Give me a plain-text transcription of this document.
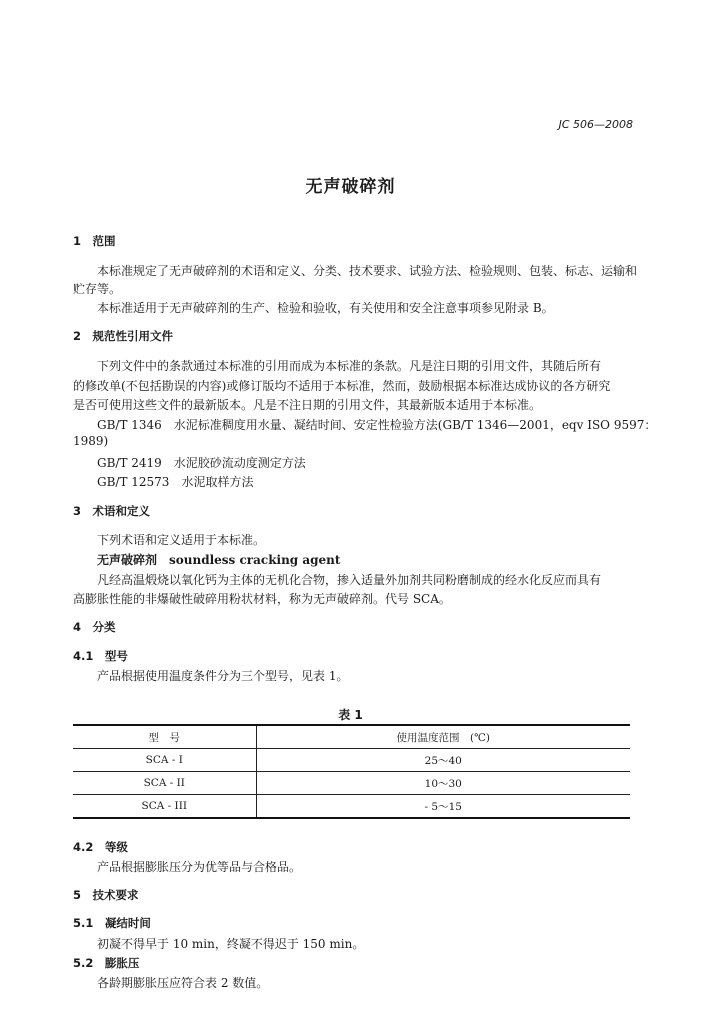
JC 506—2008
无声破碎剂
1　范围
本标准规定了无声破碎剂的术语和定义、分类、技术要求、试验方法、检验规则、包装、标志、运输和
贮存等。
本标准适用于无声破碎剂的生产、检验和验收，有关使用和安全注意事项参见附录 B。
2　规范性引用文件
下列文件中的条款通过本标准的引用而成为本标准的条款。凡是注日期的引用文件，其随后所有
的修改单(不包括勘误的内容)或修订版均不适用于本标准，然而，鼓励根据本标准达成协议的各方研究
是否可使用这些文件的最新版本。凡是不注日期的引用文件，其最新版本适用于本标准。
GB/T 1346　水泥标准稠度用水量、凝结时间、安定性检验方法(GB/T 1346—2001，eqv ISO 9597：
1989)
GB/T 2419　水泥胶砂流动度测定方法
GB/T 12573　水泥取样方法
3　术语和定义
下列术语和定义适用于本标准。
无声破碎剂　soundless cracking agent
凡经高温煅烧以氧化钙为主体的无机化合物，掺入适量外加剂共同粉磨制成的经水化反应而具有
高膨胀性能的非爆破性破碎用粉状材料，称为无声破碎剂。代号 SCA。
4　分类
4.1　型号
产品根据使用温度条件分为三个型号，见表 1。
表 1
型　号	使用温度范围　(℃)
SCA - I	25～40
SCA - II	10～30
SCA - III	- 5～15
4.2　等级
产品根据膨胀压分为优等品与合格品。
5　技术要求
5.1　凝结时间
初凝不得早于 10 min，终凝不得迟于 150 min。
5.2　膨胀压
各龄期膨胀压应符合表 2 数值。
